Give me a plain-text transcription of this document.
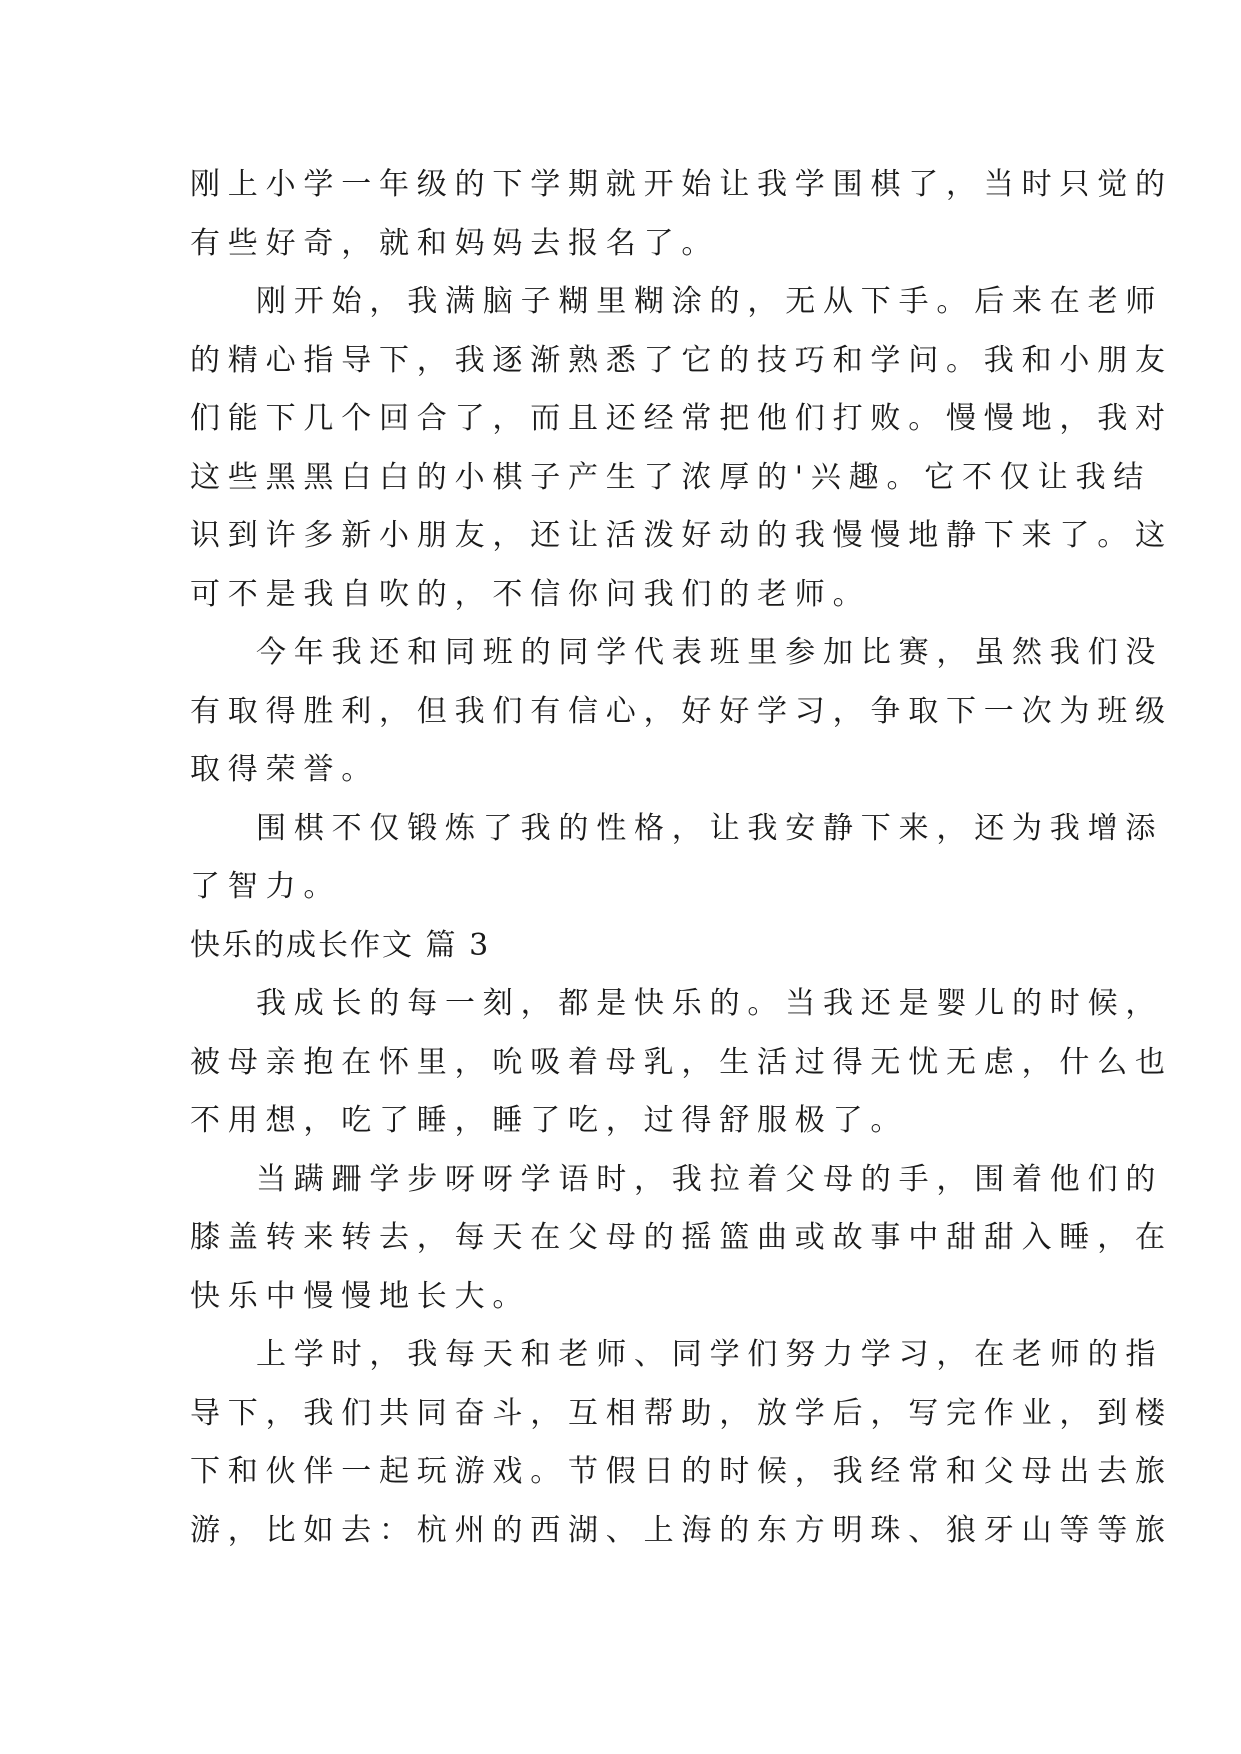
刚上小学一年级的下学期就开始让我学围棋了，当时只觉的
有些好奇，就和妈妈去报名了。
刚开始，我满脑子糊里糊涂的，无从下手。后来在老师
的精心指导下，我逐渐熟悉了它的技巧和学问。我和小朋友
们能下几个回合了，而且还经常把他们打败。慢慢地，我对
这些黑黑白白的小棋子产生了浓厚的'兴趣。它不仅让我结
识到许多新小朋友，还让活泼好动的我慢慢地静下来了。这
可不是我自吹的，不信你问我们的老师。
今年我还和同班的同学代表班里参加比赛，虽然我们没
有取得胜利，但我们有信心，好好学习，争取下一次为班级
取得荣誉。
围棋不仅锻炼了我的性格，让我安静下来，还为我增添
了智力。
快乐的成长作文 篇 3
我成长的每一刻，都是快乐的。当我还是婴儿的时候，
被母亲抱在怀里，吮吸着母乳，生活过得无忧无虑，什么也
不用想，吃了睡，睡了吃，过得舒服极了。
当蹒跚学步呀呀学语时，我拉着父母的手，围着他们的
膝盖转来转去，每天在父母的摇篮曲或故事中甜甜入睡，在
快乐中慢慢地长大。
上学时，我每天和老师、同学们努力学习，在老师的指
导下，我们共同奋斗，互相帮助，放学后，写完作业，到楼
下和伙伴一起玩游戏。节假日的时候，我经常和父母出去旅
游，比如去：杭州的西湖、上海的东方明珠、狼牙山等等旅
